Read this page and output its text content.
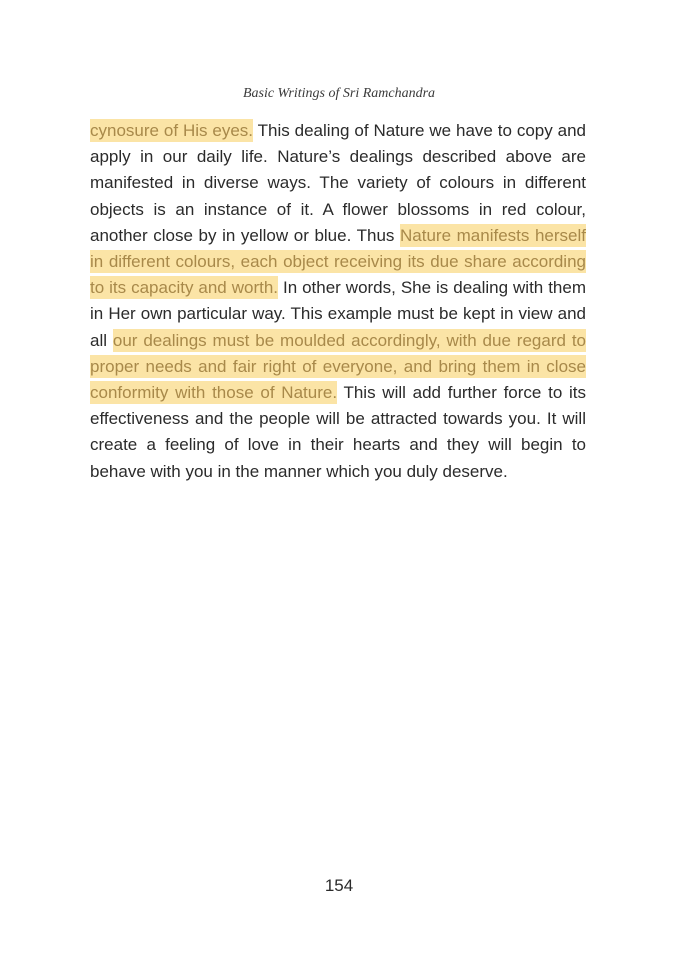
Basic Writings of Sri Ramchandra

cynosure of His eyes. This dealing of Nature we have to copy and apply in our daily life. Nature’s dealings described above are manifested in diverse ways. The variety of colours in different objects is an instance of it. A flower blossoms in red colour, another close by in yellow or blue. Thus Nature manifests herself in different colours, each object receiving its due share according to its capacity and worth. In other words, She is dealing with them in Her own particular way. This example must be kept in view and all our dealings must be moulded accordingly, with due regard to proper needs and fair right of everyone, and bring them in close conformity with those of Nature. This will add further force to its effectiveness and the people will be attracted towards you. It will create a feeling of love in their hearts and they will begin to behave with you in the manner which you duly deserve.

154
